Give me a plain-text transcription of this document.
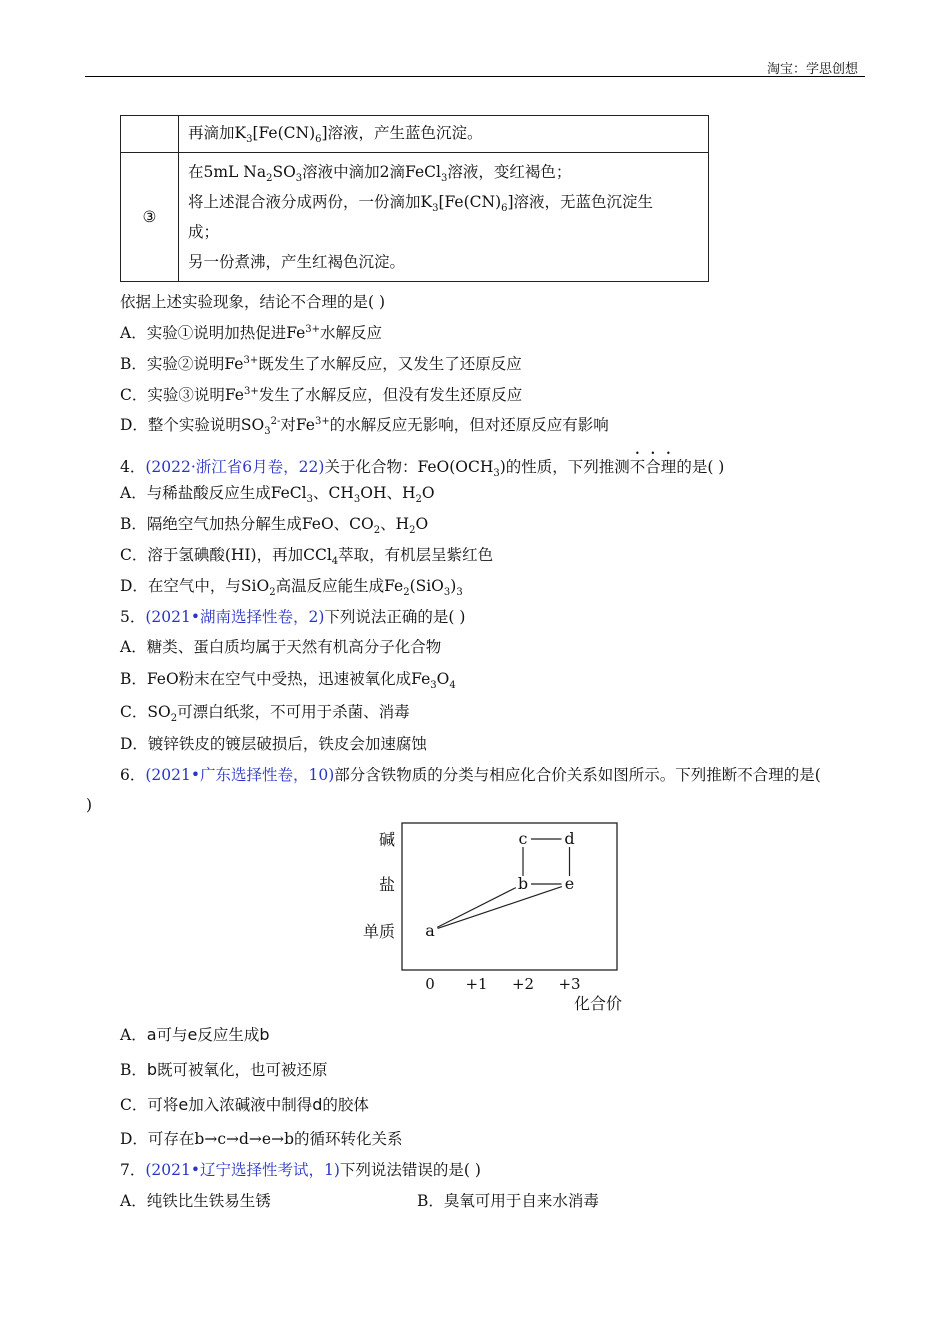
淘宝：学思创想
	再滴加$K_3[Fe(CN)_6]$溶液，产生蓝色沉淀。
③	在5mL $Na_2SO_3$溶液中滴加2滴FeCl$_3$溶液，变红褐色；
将上述混合液分成两份，一份滴加$K_3[Fe(CN)_6]$溶液，无蓝色沉淀生
成；
另一份煮沸，产生红褐色沉淀。
依据上述实验现象，结论不合理的是( )
A．实验①说明加热促进$Fe^{3+}$水解反应
B．实验②说明$Fe^{3+}$既发生了水解反应，又发生了还原反应
C．实验③说明$Fe^{3+}$发生了水解反应，但没有发生还原反应
D．整个实验说明$SO_3^{2-}$对$Fe^{3+}$的水解反应无影响，但对还原反应有影响
4．(2022·浙江省6月卷，22)关于化合物：$FeO(OCH_3)$的性质，下列推测不合理的是( )
A．与稀盐酸反应生成FeCl$_3$、$CH_3OH$、$H_2O$
B．隔绝空气加热分解生成FeO、$CO_2$、$H_2O$
C．溶于氢碘酸(HI)，再加CCl$_4$萃取，有机层呈紫红色
D．在空气中，与SiO$_2$高温反应能生成$Fe_2(SiO_3)_3$
5．(2021•湖南选择性卷，2)下列说法正确的是( )
A．糖类、蛋白质均属于天然有机高分子化合物
B．FeO粉末在空气中受热，迅速被氧化成$Fe_3O_4$
C．$SO_2$可漂白纸浆，不可用于杀菌、消毒
D．镀锌铁皮的镀层破损后，铁皮会加速腐蚀
6．(2021•广东选择性卷，10)部分含铁物质的分类与相应化合价关系如图所示。下列推断不合理的是(
)
a
b
c d
e
单质
盐
碱
0 +1 +2 +3
化合价
A．a可与e反应生成b
B．b既可被氧化，也可被还原
C．可将e加入浓碱液中制得d的胶体
D．可存在b→c→d→e→b的循环转化关系
7．(2021•辽宁选择性考试，1)下列说法错误的是( )
A．纯铁比生铁易生锈	B．臭氧可用于自来水消毒
